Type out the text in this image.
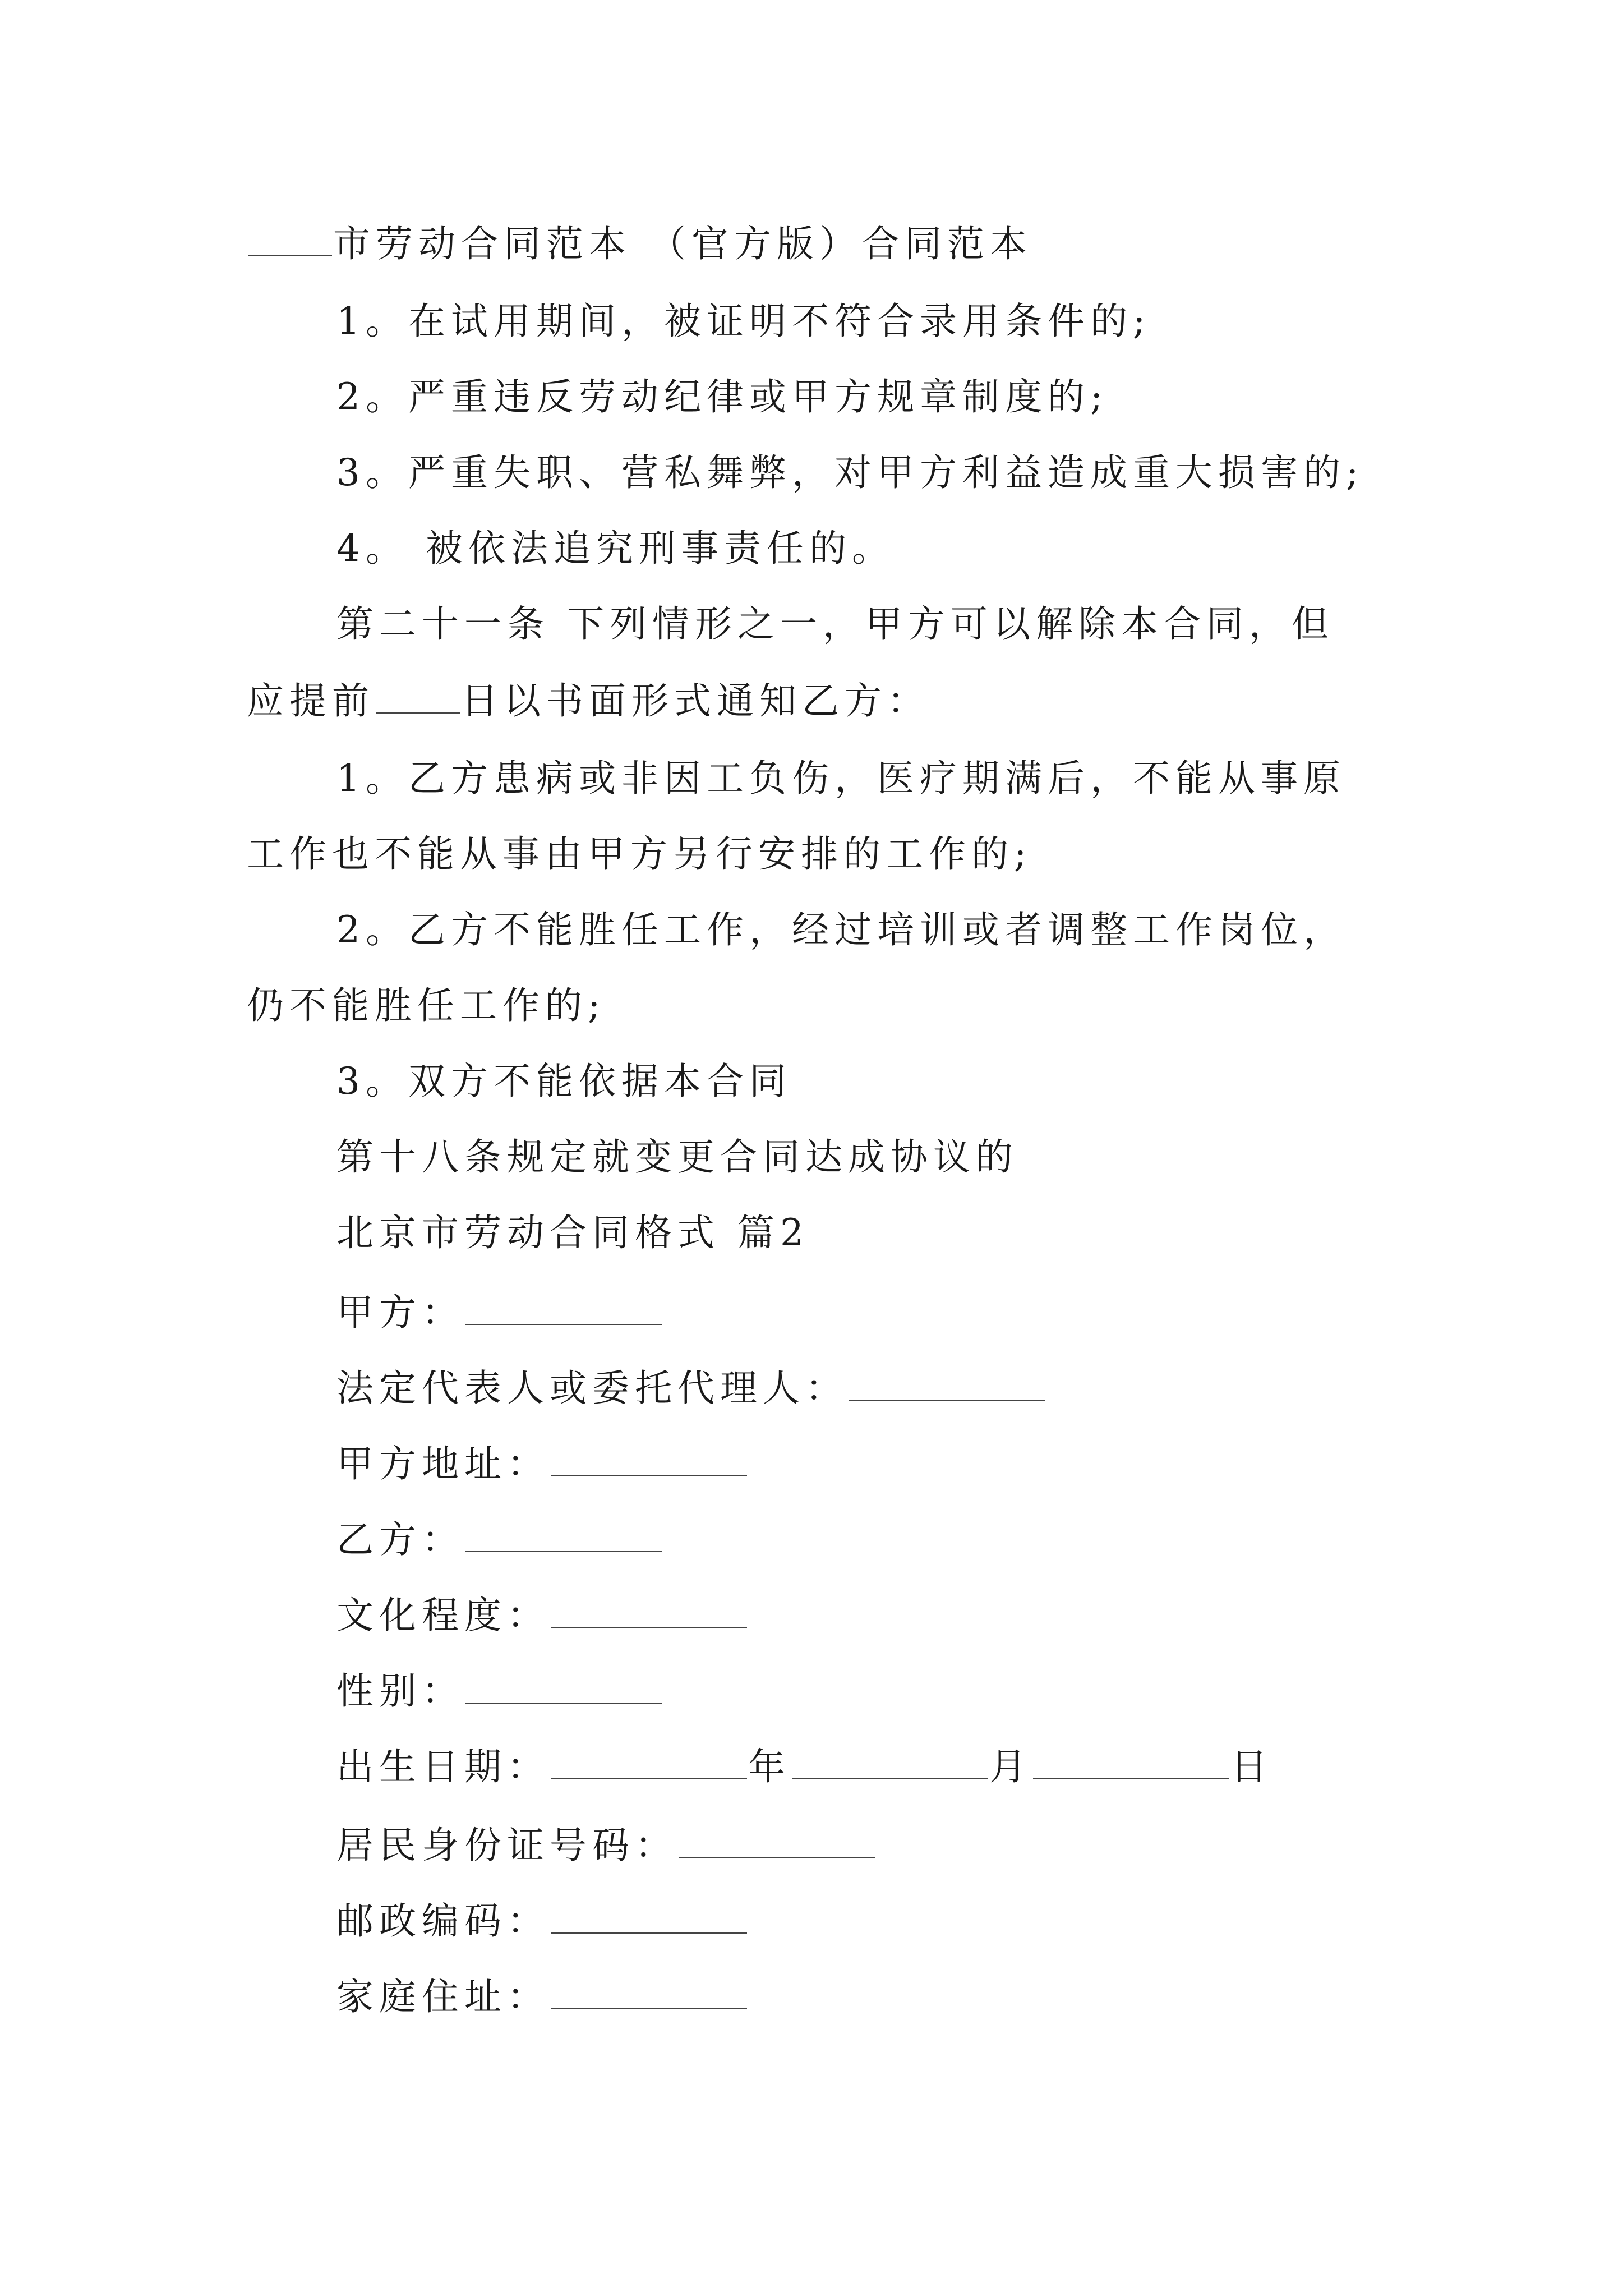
市劳动合同范本 （官方版）合同范本
1。在试用期间，被证明不符合录用条件的;
2。严重违反劳动纪律或甲方规章制度的;
3。严重失职、营私舞弊，对甲方利益造成重大损害的;
4。 被依法追究刑事责任的。
第二十一条 下列情形之一，甲方可以解除本合同，但
应提前 日以书面形式通知乙方：
1。乙方患病或非因工负伤，医疗期满后，不能从事原
工作也不能从事由甲方另行安排的工作的;
2。乙方不能胜任工作，经过培训或者调整工作岗位，
仍不能胜任工作的;
3。双方不能依据本合同
第十八条规定就变更合同达成协议的
北京市劳动合同格式 篇2
甲方：
法定代表人或委托代理人：
甲方地址：
乙方：
文化程度：
性别：
出生日期：	年	月	日
居民身份证号码：
邮政编码：
家庭住址：
